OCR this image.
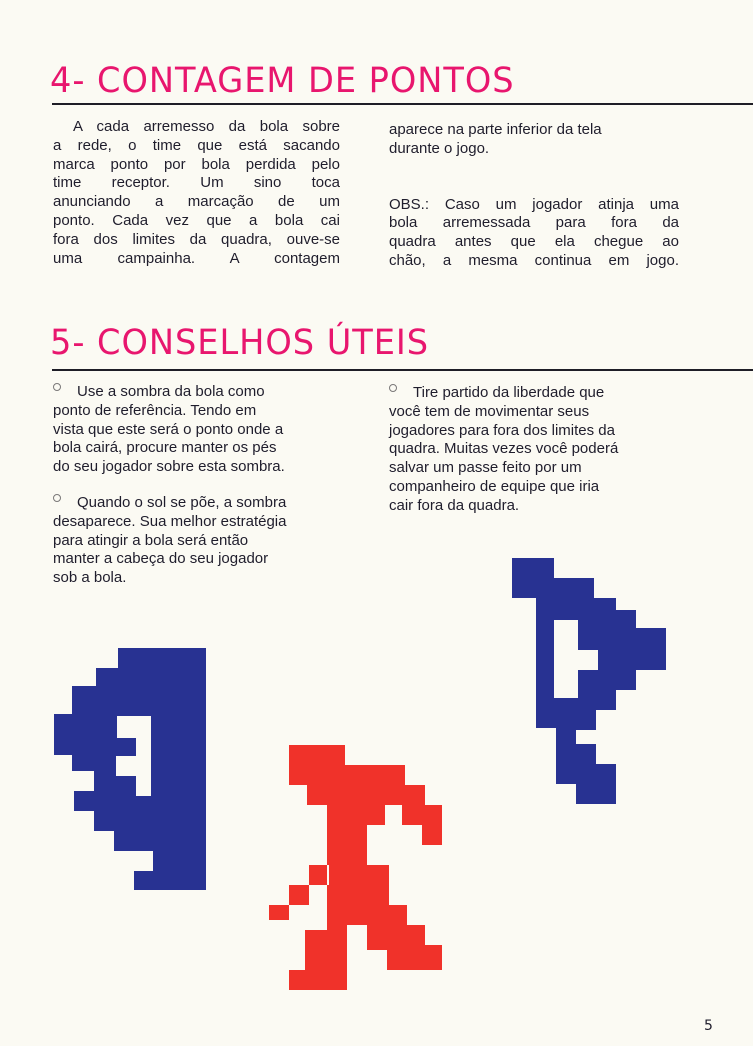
4- CONTAGEM DE PONTOS
A cada arremesso da bola sobre
a rede, o time que está sacando
marca ponto por bola perdida pelo
time receptor. Um sino toca
anunciando a marcação de um
ponto. Cada vez que a bola cai
fora dos limites da quadra, ouve-se
uma campainha. A contagem
aparece na parte inferior da tela
durante o jogo.
OBS.: Caso um jogador atinja uma
bola arremessada para fora da
quadra antes que ela chegue ao
chão, a mesma continua em jogo.
5- CONSELHOS ÚTEIS
Use a sombra da bola como
ponto de referência. Tendo em
vista que este será o ponto onde a
bola cairá, procure manter os pés
do seu jogador sobre esta sombra.
Quando o sol se põe, a sombra
desaparece. Sua melhor estratégia
para atingir a bola será então
manter a cabeça do seu jogador
sob a bola.
Tire partido da liberdade que
você tem de movimentar seus
jogadores para fora dos limites da
quadra. Muitas vezes você poderá
salvar um passe feito por um
companheiro de equipe que iria
cair fora da quadra.
5
